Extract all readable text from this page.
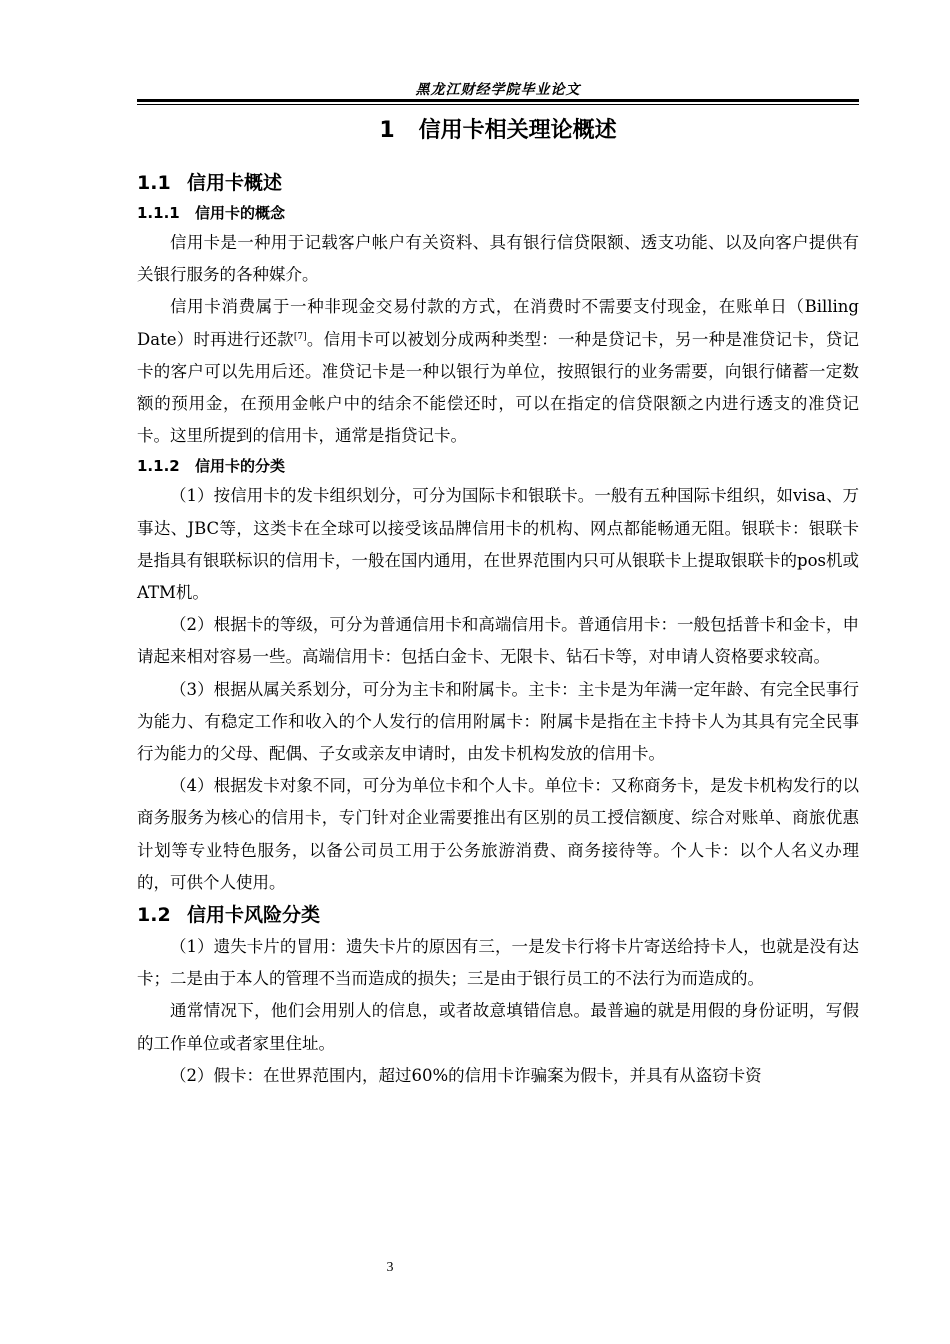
黑龙江财经学院毕业论文
1 信用卡相关理论概述
1.1 信用卡概述
1.1.1 信用卡的概念

信用卡是一种用于记载客户帐户有关资料、具有银行信贷限额、透支功能、以及向客户提供有关银行服务的各种媒介。

信用卡消费属于一种非现金交易付款的方式，在消费时不需要支付现金，在账单日（Billing Date）时再进行还款[7]。信用卡可以被划分成两种类型：一种是贷记卡，另一种是准贷记卡，贷记卡的客户可以先用后还。准贷记卡是一种以银行为单位，按照银行的业务需要，向银行储蓄一定数额的预用金，在预用金帐户中的结余不能偿还时，可以在指定的信贷限额之内进行透支的准贷记卡。这里所提到的信用卡，通常是指贷记卡。

1.1.2 信用卡的分类

（1）按信用卡的发卡组织划分，可分为国际卡和银联卡。一般有五种国际卡组织，如visa、万事达、JBC等，这类卡在全球可以接受该品牌信用卡的机构、网点都能畅通无阻。银联卡：银联卡是指具有银联标识的信用卡，一般在国内通用，在世界范围内只可从银联卡上提取银联卡的pos机或ATM机。

（2）根据卡的等级，可分为普通信用卡和高端信用卡。普通信用卡：一般包括普卡和金卡，申请起来相对容易一些。高端信用卡：包括白金卡、无限卡、钻石卡等，对申请人资格要求较高。

（3）根据从属关系划分，可分为主卡和附属卡。主卡：主卡是为年满一定年龄、有完全民事行为能力、有稳定工作和收入的个人发行的信用附属卡：附属卡是指在主卡持卡人为其具有完全民事行为能力的父母、配偶、子女或亲友申请时，由发卡机构发放的信用卡。

（4）根据发卡对象不同，可分为单位卡和个人卡。单位卡：又称商务卡，是发卡机构发行的以商务服务为核心的信用卡，专门针对企业需要推出有区别的员工授信额度、综合对账单、商旅优惠计划等专业特色服务，以备公司员工用于公务旅游消费、商务接待等。个人卡：以个人名义办理的，可供个人使用。

1.2 信用卡风险分类

（1）遗失卡片的冒用：遗失卡片的原因有三，一是发卡行将卡片寄送给持卡人，也就是没有达卡；二是由于本人的管理不当而造成的损失；三是由于银行员工的不法行为而造成的。

通常情况下，他们会用别人的信息，或者故意填错信息。最普遍的就是用假的身份证明，写假的工作单位或者家里住址。

（2）假卡：在世界范围内，超过60%的信用卡诈骗案为假卡，并具有从盗窃卡资

3
